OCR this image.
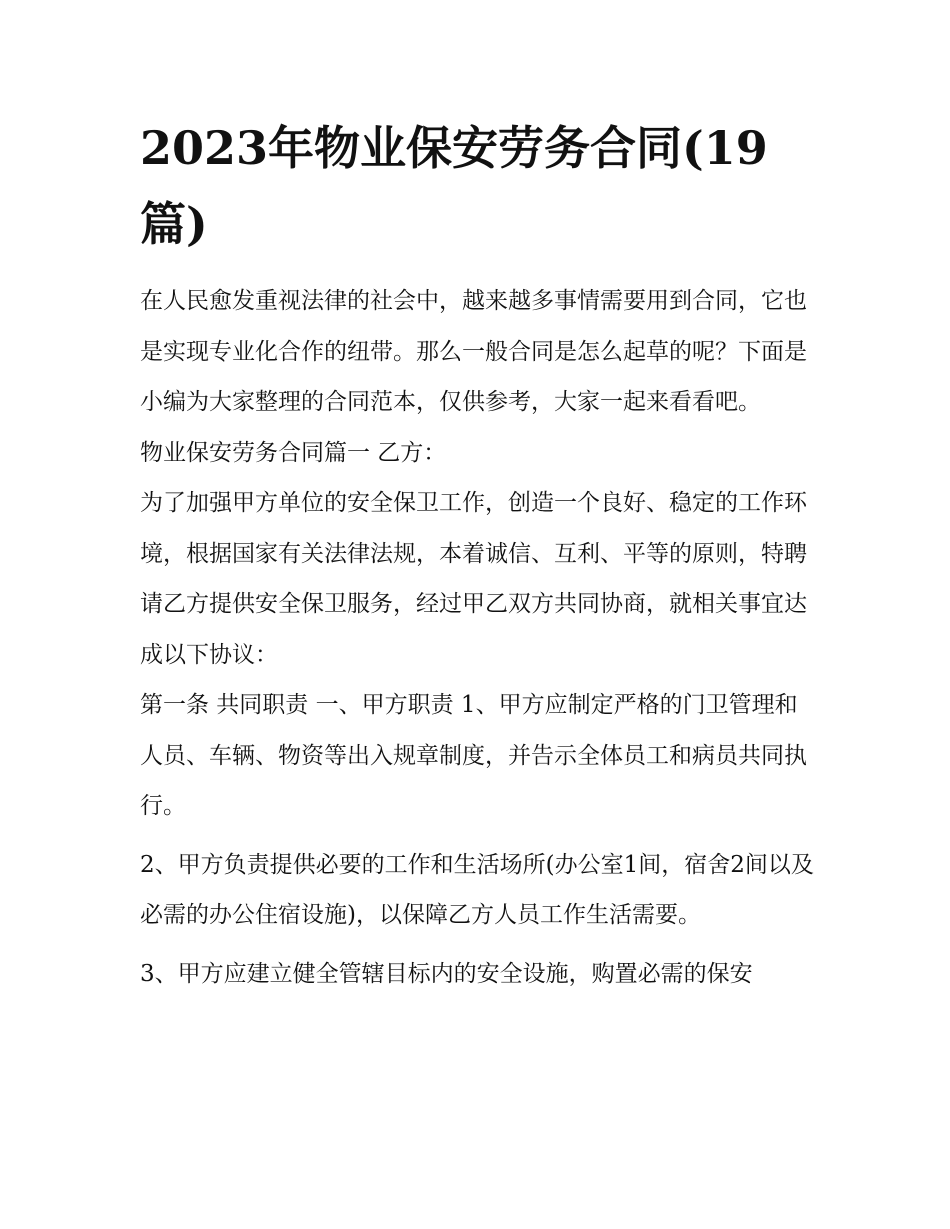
2023年物业保安劳务合同(19篇)

在人民愈发重视法律的社会中，越来越多事情需要用到合同，它也是实现专业化合作的纽带。那么一般合同是怎么起草的呢？下面是小编为大家整理的合同范本，仅供参考，大家一起来看看吧。

物业保安劳务合同篇一 乙方：

为了加强甲方单位的安全保卫工作，创造一个良好、稳定的工作环境，根据国家有关法律法规，本着诚信、互利、平等的原则，特聘请乙方提供安全保卫服务，经过甲乙双方共同协商，就相关事宜达成以下协议：

第一条 共同职责 一、甲方职责 1、甲方应制定严格的门卫管理和人员、车辆、物资等出入规章制度，并告示全体员工和病员共同执行。

2、甲方负责提供必要的工作和生活场所(办公室1间，宿舍2间以及必需的办公住宿设施)，以保障乙方人员工作生活需要。

3、甲方应建立健全管辖目标内的安全设施，购置必需的保安
